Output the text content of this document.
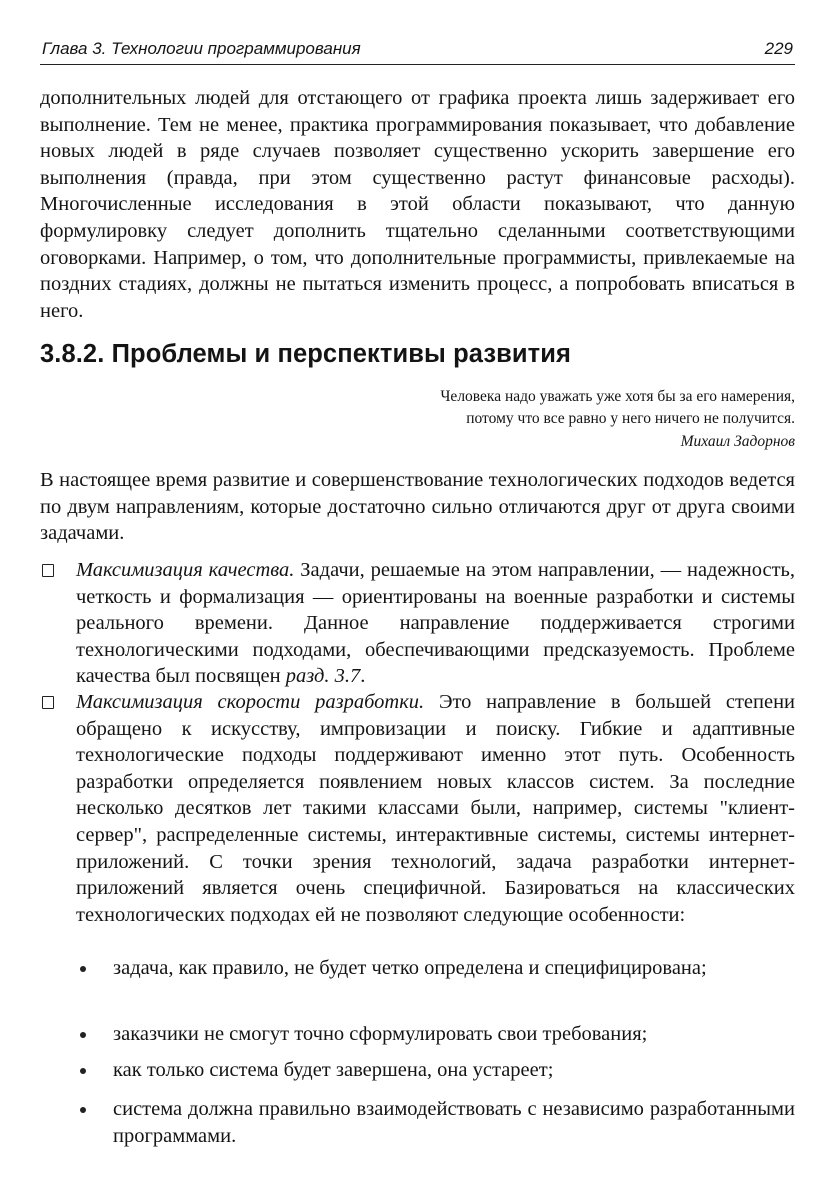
Глава 3. Технологии программирования	229

дополнительных людей для отстающего от графика проекта лишь задерживает его выполнение. Тем не менее, практика программирования показывает, что добавление новых людей в ряде случаев позволяет существенно ускорить завершение его выполнения (правда, при этом существенно растут финансовые расходы). Многочисленные исследования в этой области показывают, что данную формулировку следует дополнить тщательно сделанными соответствующими оговорками. Например, о том, что дополнительные программисты, привлекаемые на поздних стадиях, должны не пытаться изменить процесс, а попробовать вписаться в него.

3.8.2. Проблемы и перспективы развития
Человека надо уважать уже хотя бы за его намерения,
потому что все равно у него ничего не получится.
Михаил Задорнов

В настоящее время развитие и совершенствование технологических подходов ведется по двум направлениям, которые достаточно сильно отличаются друг от друга своими задачами.

Максимизация качества. Задачи, решаемые на этом направлении, — надежность, четкость и формализация — ориентированы на военные разработки и системы реального времени. Данное направление поддерживается строгими технологическими подходами, обеспечивающими предсказуемость. Проблеме качества был посвящен разд. 3.7.

Максимизация скорости разработки. Это направление в большей степени обращено к искусству, импровизации и поиску. Гибкие и адаптивные технологические подходы поддерживают именно этот путь. Особенность разработки определяется появлением новых классов систем. За последние несколько десятков лет такими классами были, например, системы "клиент-сервер", распределенные системы, интерактивные системы, системы интернет-приложений. С точки зрения технологий, задача разработки интернет-приложений является очень специфичной. Базироваться на классических технологических подходах ей не позволяют следующие особенности:

задача, как правило, не будет четко определена и специфицирована;

заказчики не смогут точно сформулировать свои требования;

как только система будет завершена, она устареет;

система должна правильно взаимодействовать с независимо разработанными программами.
